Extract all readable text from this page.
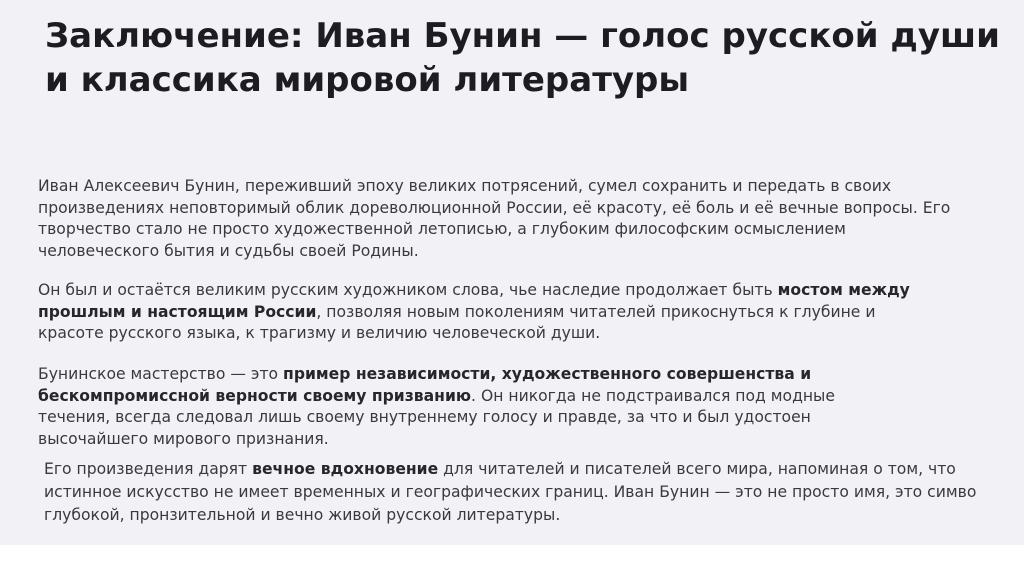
Заключение: Иван Бунин — голос русской души и классика мировой литературы

Иван Алексеевич Бунин, переживший эпоху великих потрясений, сумел сохранить и передать в своих произведениях неповторимый облик дореволюционной России, её красоту, её боль и её вечные вопросы. Его творчество стало не просто художественной летописью, а глубоким философским осмыслением человеческого бытия и судьбы своей Родины.

Он был и остаётся великим русским художником слова, чье наследие продолжает быть мостом между прошлым и настоящим России, позволяя новым поколениям читателей прикоснуться к глубине и красоте русского языка, к трагизму и величию человеческой души.

Бунинское мастерство — это пример независимости, художественного совершенства и бескомпромиссной верности своему призванию. Он никогда не подстраивался под модные течения, всегда следовал лишь своему внутреннему голосу и правде, за что и был удостоен высочайшего мирового признания.

Его произведения дарят вечное вдохновение для читателей и писателей всего мира, напоминая о том, что
истинное искусство не имеет временных и географических границ. Иван Бунин — это не просто имя, это симво
глубокой, пронзительной и вечно живой русской литературы.
